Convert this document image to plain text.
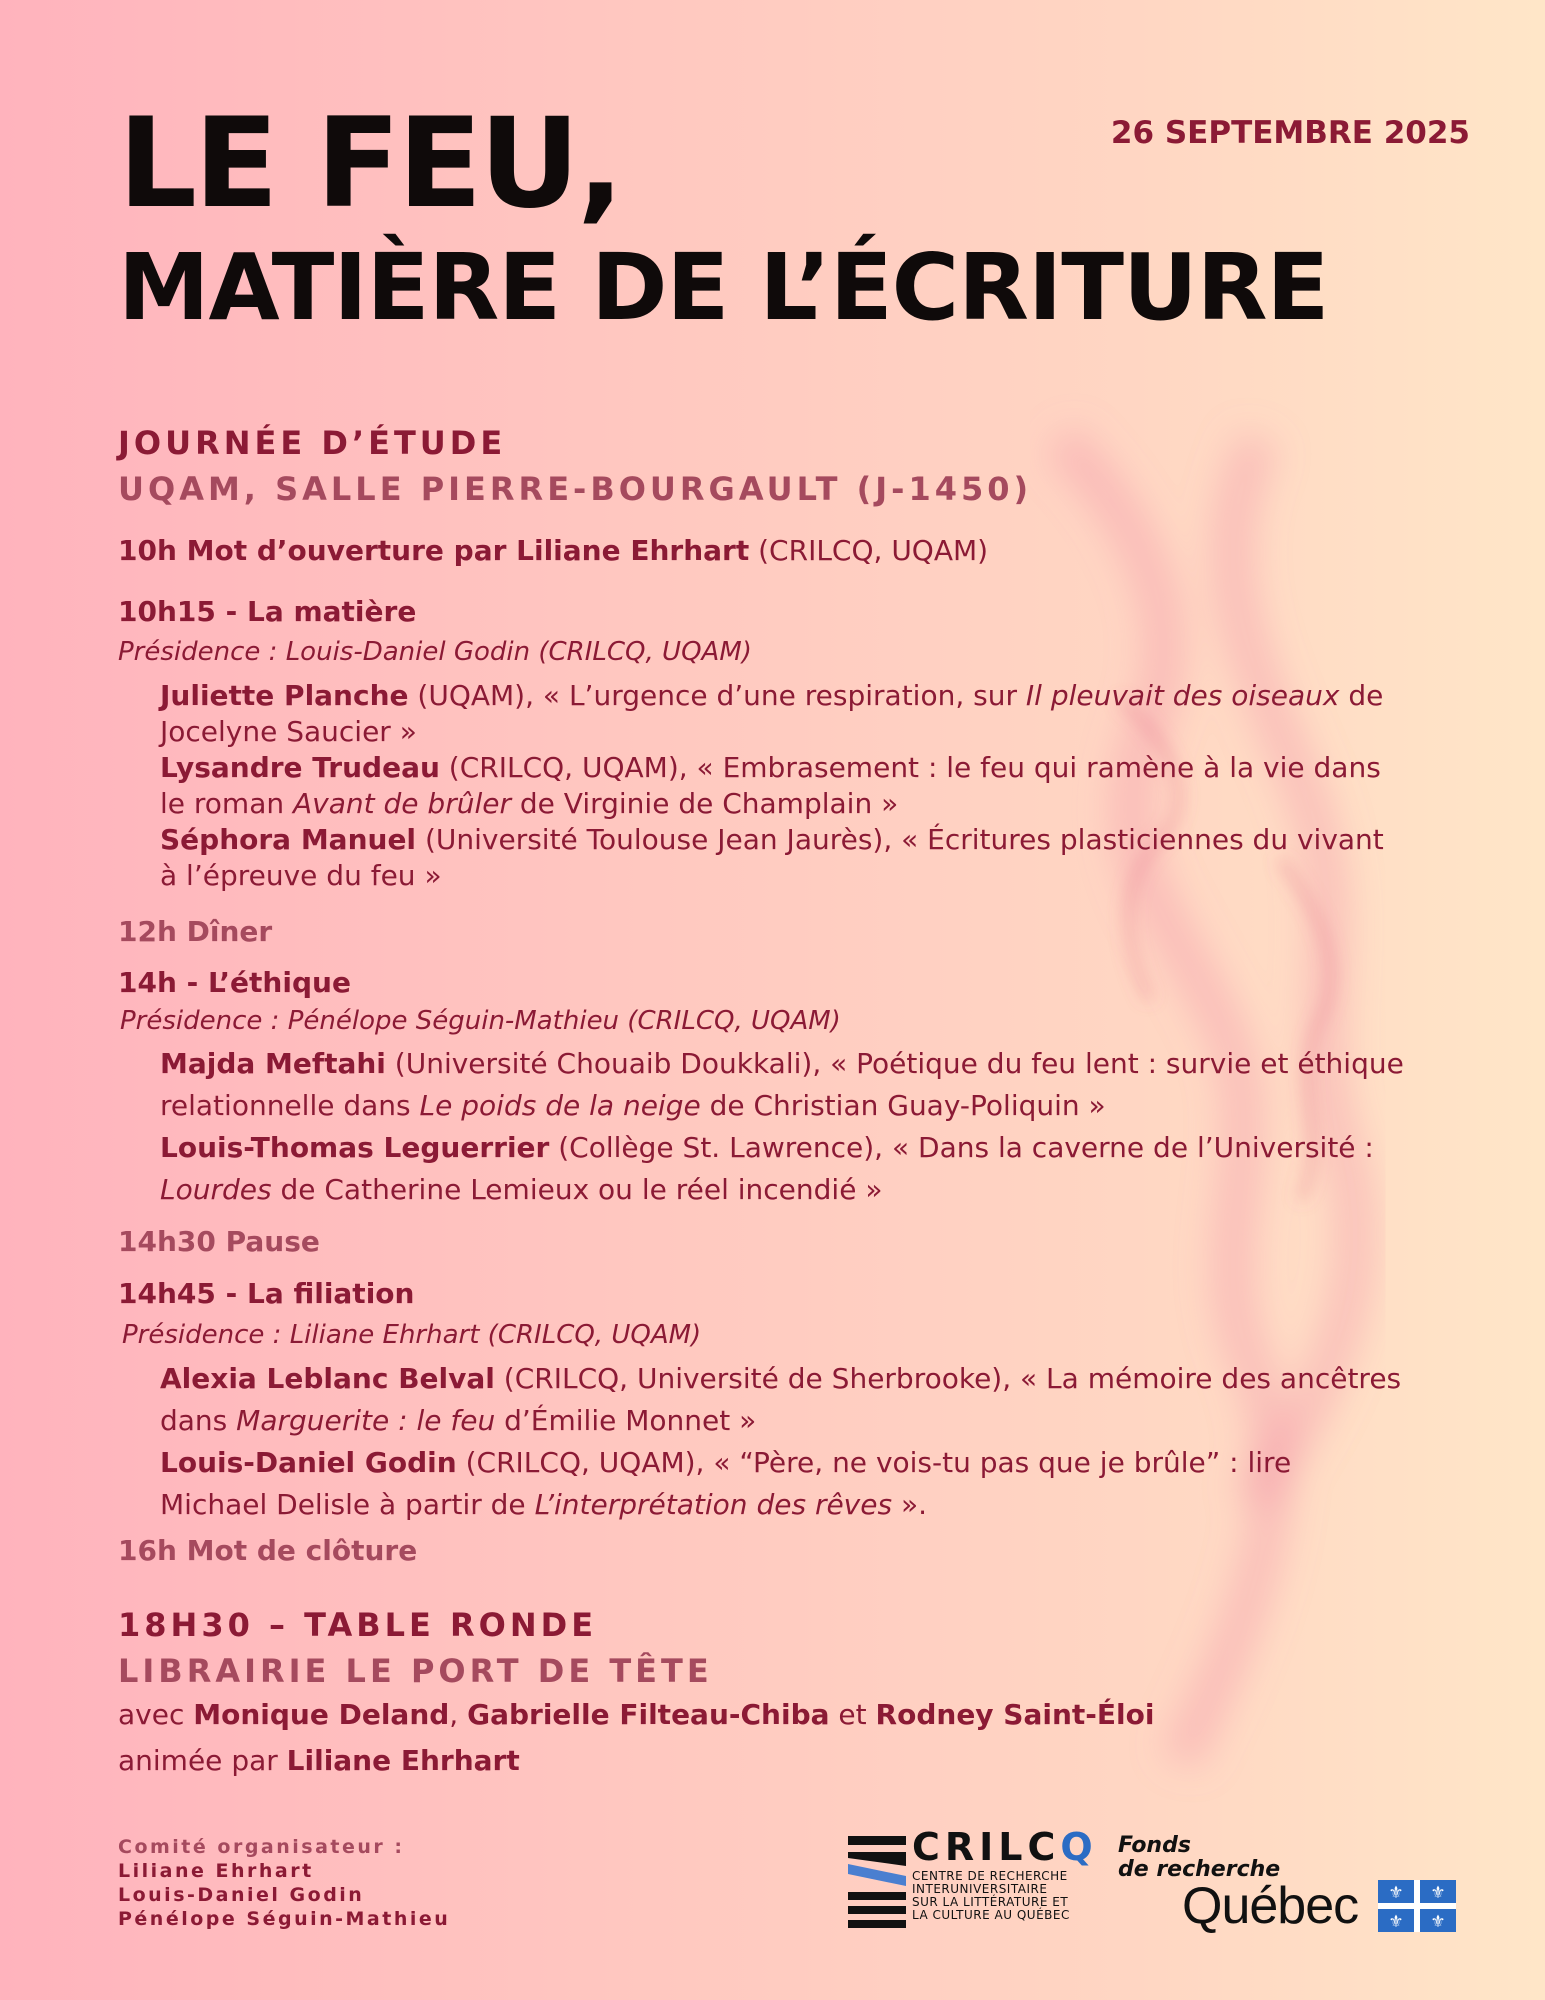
LE FEU,
MATIÈRE DE L’ÉCRITURE
26 SEPTEMBRE 2025
JOURNÉE D’ÉTUDE
UQAM, SALLE PIERRE-BOURGAULT (J-1450)
10h Mot d’ouverture par Liliane Ehrhart (CRILCQ, UQAM)
10h15 - La matière
Présidence : Louis-Daniel Godin (CRILCQ, UQAM)
Juliette Planche (UQAM), « L’urgence d’une respiration, sur Il pleuvait des oiseaux de
Jocelyne Saucier »
Lysandre Trudeau (CRILCQ, UQAM), « Embrasement : le feu qui ramène à la vie dans
le roman Avant de brûler de Virginie de Champlain »
Séphora Manuel (Université Toulouse Jean Jaurès), « Écritures plasticiennes du vivant
à l’épreuve du feu »
12h Dîner
14h - L’éthique
Présidence : Pénélope Séguin-Mathieu (CRILCQ, UQAM)
Majda Meftahi (Université Chouaib Doukkali), « Poétique du feu lent : survie et éthique
relationnelle dans Le poids de la neige de Christian Guay-Poliquin »
Louis-Thomas Leguerrier (Collège St. Lawrence), « Dans la caverne de l’Université :
Lourdes de Catherine Lemieux ou le réel incendié »
14h30 Pause
14h45 - La filiation
Présidence : Liliane Ehrhart (CRILCQ, UQAM)
Alexia Leblanc Belval (CRILCQ, Université de Sherbrooke), « La mémoire des ancêtres
dans Marguerite : le feu d’Émilie Monnet »
Louis-Daniel Godin (CRILCQ, UQAM), « “Père, ne vois-tu pas que je brûle” : lire
Michael Delisle à partir de L’interprétation des rêves ».
16h Mot de clôture
18H30 – TABLE RONDE
LIBRAIRIE LE PORT DE TÊTE
avec Monique Deland, Gabrielle Filteau-Chiba et Rodney Saint-Éloi
animée par Liliane Ehrhart
Comité organisateur :
Liliane Ehrhart
Louis-Daniel Godin
Pénélope Séguin-Mathieu
CRILCQ
CENTRE DE RECHERCHE
INTERUNIVERSITAIRE
SUR LA LITTÉRATURE ET
LA CULTURE AU QUÉBEC
Fonds
de recherche
Québec ⚜ ⚜
⚜ ⚜
